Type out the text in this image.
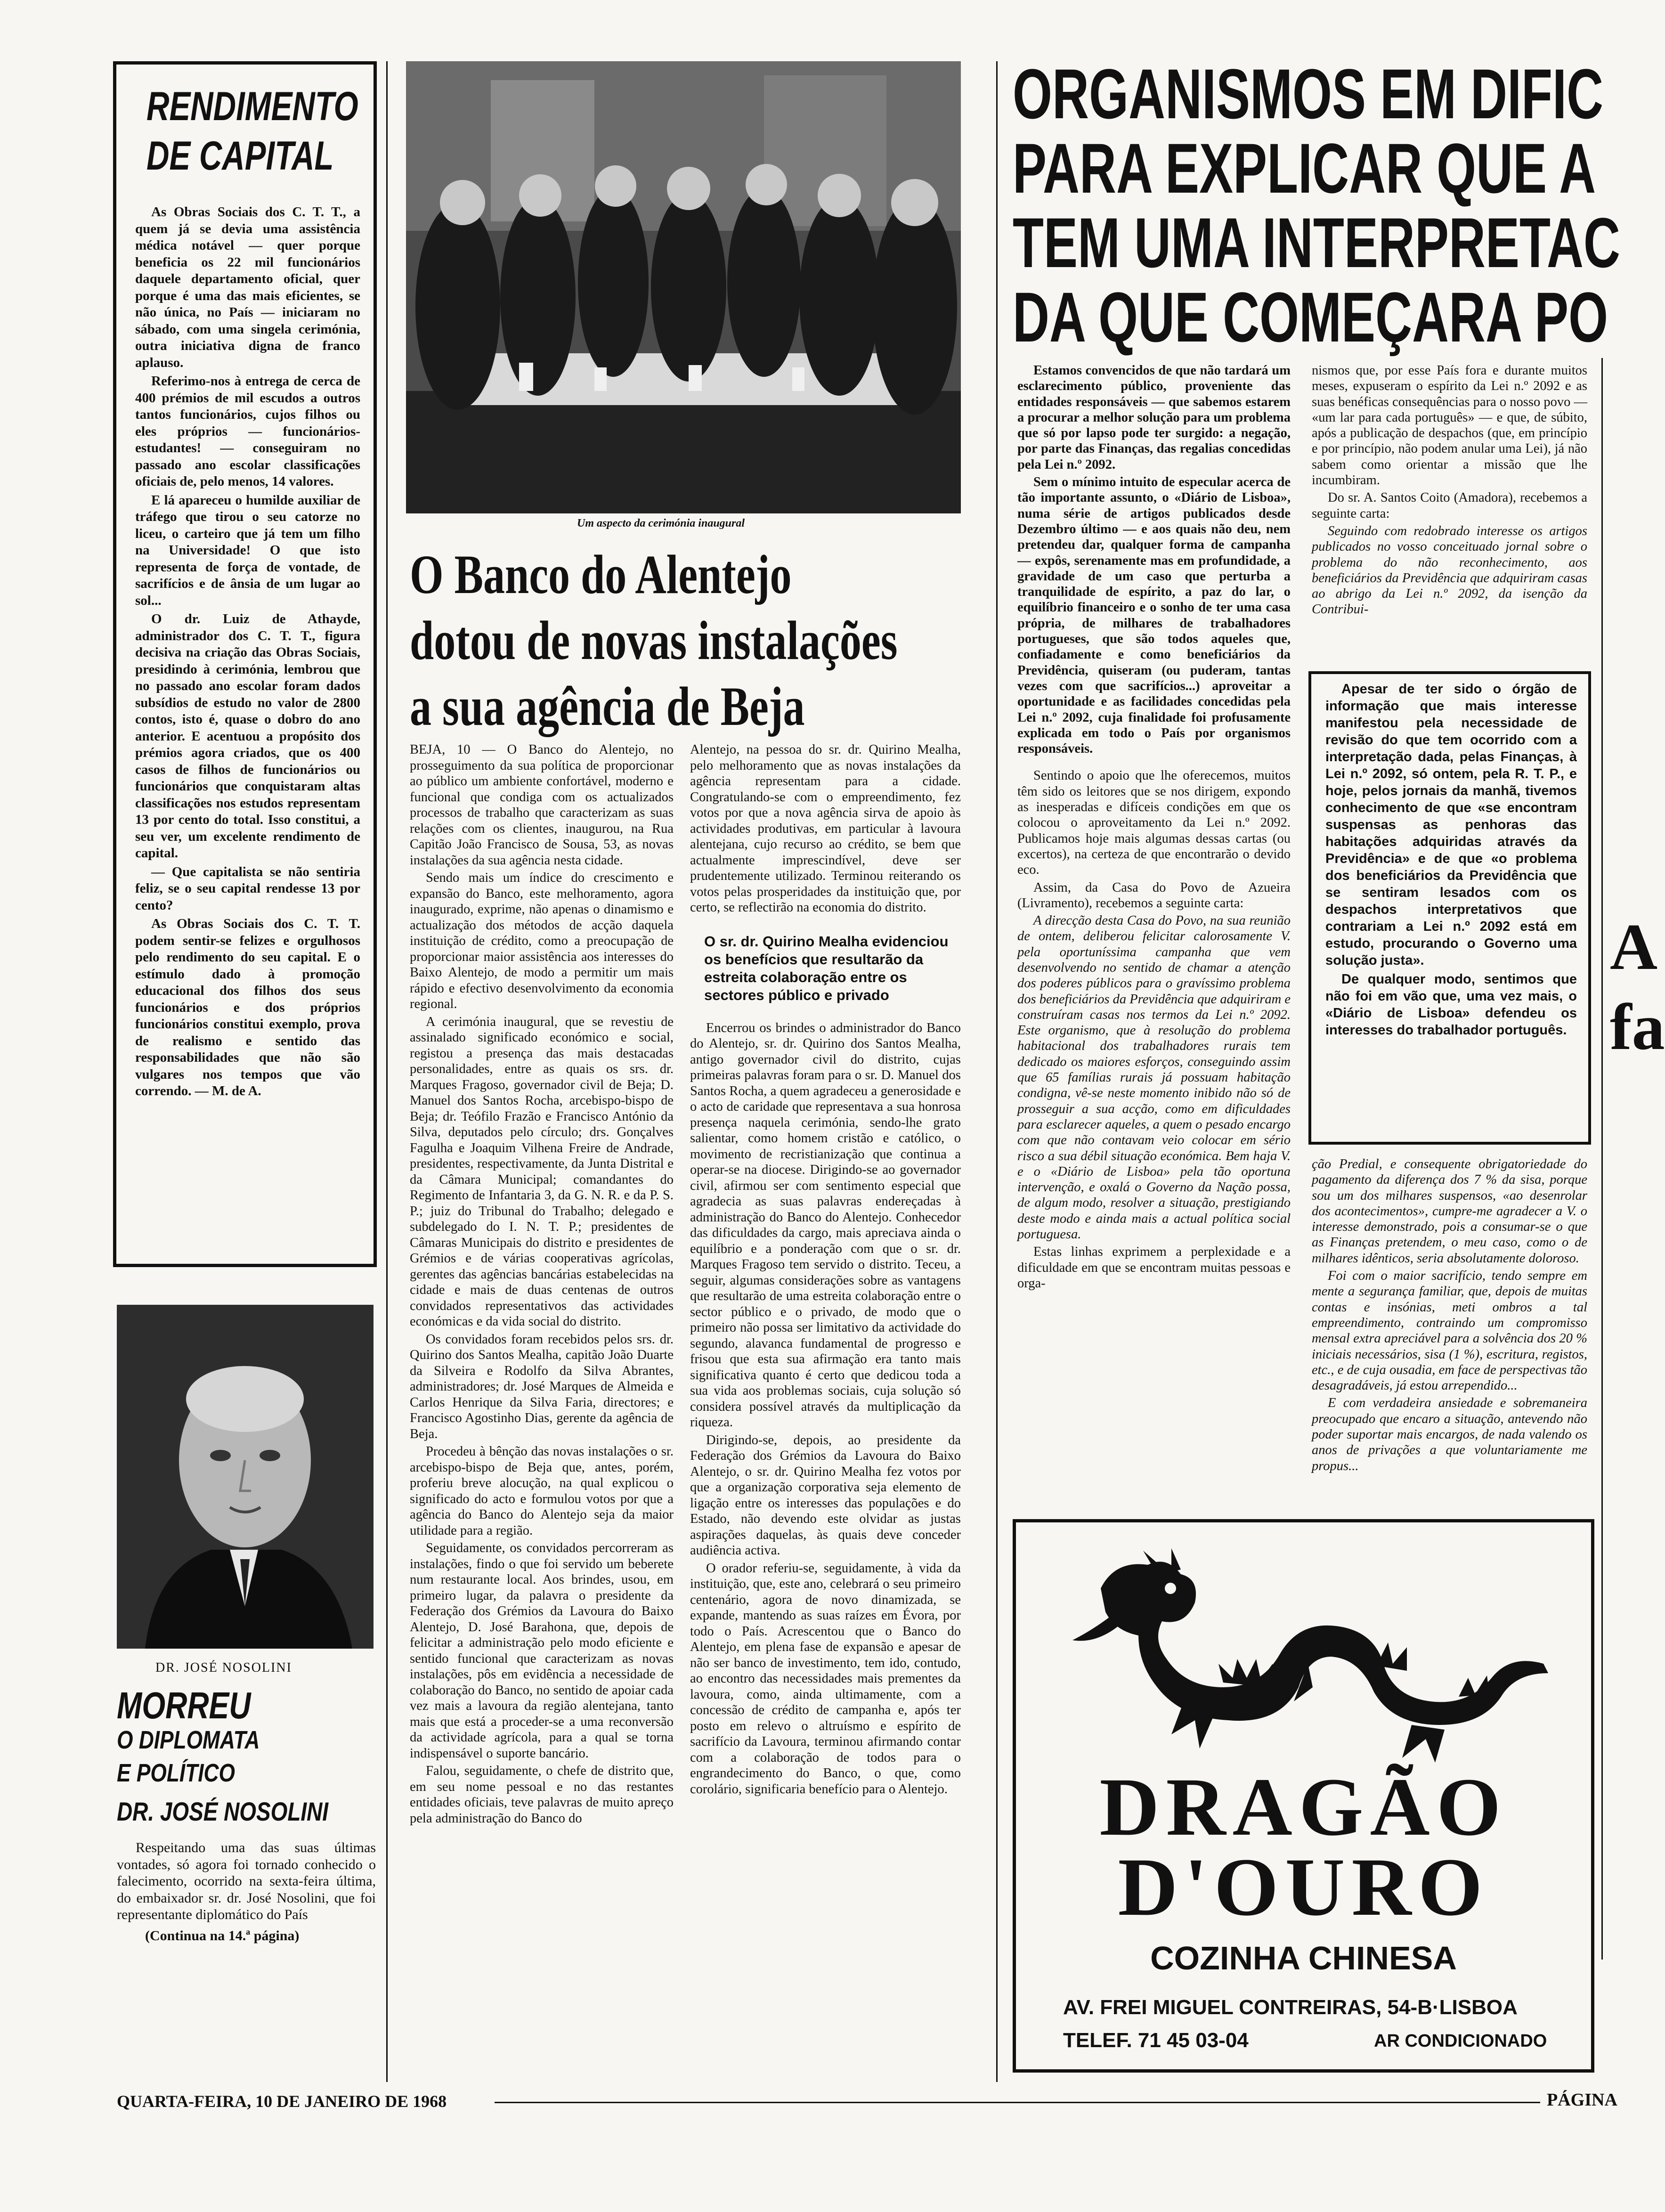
RENDIMENTO
DE CAPITAL

As Obras Sociais dos C. T. T., a quem já se devia uma assistência médica notável — quer porque beneficia os 22 mil funcionários daquele departamento oficial, quer porque é uma das mais eficientes, se não única, no País — iniciaram no sábado, com uma singela cerimónia, outra iniciativa digna de franco aplauso.

Referimo-nos à entrega de cerca de 400 prémios de mil escudos a outros tantos funcionários, cujos filhos ou eles próprios — funcionários-estudantes! — conseguiram no passado ano escolar classificações oficiais de, pelo menos, 14 valores.

E lá apareceu o humilde auxiliar de tráfego que tirou o seu catorze no liceu, o carteiro que já tem um filho na Universidade! O que isto representa de força de vontade, de sacrifícios e de ânsia de um lugar ao sol...

O dr. Luiz de Athayde, administrador dos C. T. T., figura decisiva na criação das Obras Sociais, presidindo à cerimónia, lembrou que no passado ano escolar foram dados subsídios de estudo no valor de 2800 contos, isto é, quase o dobro do ano anterior. E acentuou a propósito dos prémios agora criados, que os 400 casos de filhos de funcionários ou funcionários que conquistaram altas classificações nos estudos representam 13 por cento do total. Isso constitui, a seu ver, um excelente rendimento de capital.

— Que capitalista se não sentiria feliz, se o seu capital rendesse 13 por cento?

As Obras Sociais dos C. T. T. podem sentir-se felizes e orgulhosos pelo rendimento do seu capital. E o estímulo dado à promoção educacional dos filhos dos seus funcionários e dos próprios funcionários constitui exemplo, prova de realismo e sentido das responsabilidades que não são vulgares nos tempos que vão correndo. — M. de A.

DR. JOSÉ NOSOLINI
MORREU
O DIPLOMATA
E POLÍTICO
DR. JOSÉ NOSOLINI
Respeitando uma das suas últimas vontades, só agora foi tornado conhecido o falecimento, ocorrido na sexta-feira última, do embaixador sr. dr. José Nosolini, que foi representante diplomático do País
(Continua na 14.ª página)
Um aspecto da cerimónia inaugural
O Banco do Alentejo
dotou de novas instalações
a sua agência de Beja

BEJA, 10 — O Banco do Alentejo, no prosseguimento da sua política de proporcionar ao público um ambiente confortável, moderno e funcional que condiga com os actualizados processos de trabalho que caracterizam as suas relações com os clientes, inaugurou, na Rua Capitão João Francisco de Sousa, 53, as novas instalações da sua agência nesta cidade.

Sendo mais um índice do crescimento e expansão do Banco, este melhoramento, agora inaugurado, exprime, não apenas o dinamismo e actualização dos métodos de acção daquela instituição de crédito, como a preocupação de proporcionar maior assistência aos interesses do Baixo Alentejo, de modo a permitir um mais rápido e efectivo desenvolvimento da economia regional.

A cerimónia inaugural, que se revestiu de assinalado significado económico e social, registou a presença das mais destacadas personalidades, entre as quais os srs. dr. Marques Fragoso, governador civil de Beja; D. Manuel dos Santos Rocha, arcebispo-bispo de Beja; dr. Teófilo Frazão e Francisco António da Silva, deputados pelo círculo; drs. Gonçalves Fagulha e Joaquim Vilhena Freire de Andrade, presidentes, respectivamente, da Junta Distrital e da Câmara Municipal; comandantes do Regimento de Infantaria 3, da G. N. R. e da P. S. P.; juiz do Tribunal do Trabalho; delegado e subdelegado do I. N. T. P.; presidentes de Câmaras Municipais do distrito e presidentes de Grémios e de várias cooperativas agrícolas, gerentes das agências bancárias estabelecidas na cidade e mais de duas centenas de outros convidados representativos das actividades económicas e da vida social do distrito.

Os convidados foram recebidos pelos srs. dr. Quirino dos Santos Mealha, capitão João Duarte da Silveira e Rodolfo da Silva Abrantes, administradores; dr. José Marques de Almeida e Carlos Henrique da Silva Faria, directores; e Francisco Agostinho Dias, gerente da agência de Beja.

Procedeu à bênção das novas instalações o sr. arcebispo-bispo de Beja que, antes, porém, proferiu breve alocução, na qual explicou o significado do acto e formulou votos por que a agência do Banco do Alentejo seja da maior utilidade para a região.

Seguidamente, os convidados percorreram as instalações, findo o que foi servido um beberete num restaurante local. Aos brindes, usou, em primeiro lugar, da palavra o presidente da Federação dos Grémios da Lavoura do Baixo Alentejo, D. José Barahona, que, depois de felicitar a administração pelo modo eficiente e sentido funcional que caracterizam as novas instalações, pôs em evidência a necessidade de colaboração do Banco, no sentido de apoiar cada vez mais a lavoura da região alentejana, tanto mais que está a proceder-se a uma reconversão da actividade agrícola, para a qual se torna indispensável o suporte bancário.

Falou, seguidamente, o chefe de distrito que, em seu nome pessoal e no das restantes entidades oficiais, teve palavras de muito apreço pela administração do Banco do

Alentejo, na pessoa do sr. dr. Quirino Mealha, pelo melhoramento que as novas instalações da agência representam para a cidade. Congratulando-se com o empreendimento, fez votos por que a nova agência sirva de apoio às actividades produtivas, em particular à lavoura alentejana, cujo recurso ao crédito, se bem que actualmente imprescindível, deve ser prudentemente utilizado. Terminou reiterando os votos pelas prosperidades da instituição que, por certo, se reflectirão na economia do distrito.

O sr. dr. Quirino Mealha evidenciou os benefícios que resultarão da estreita colaboração entre os sectores público e privado

Encerrou os brindes o administrador do Banco do Alentejo, sr. dr. Quirino dos Santos Mealha, antigo governador civil do distrito, cujas primeiras palavras foram para o sr. D. Manuel dos Santos Rocha, a quem agradeceu a generosidade e o acto de caridade que representava a sua honrosa presença naquela cerimónia, sendo-lhe grato salientar, como homem cristão e católico, o movimento de recristianização que continua a operar-se na diocese. Dirigindo-se ao governador civil, afirmou ser com sentimento especial que agradecia as suas palavras endereçadas à administração do Banco do Alentejo. Conhecedor das dificuldades da cargo, mais apreciava ainda o equilíbrio e a ponderação com que o sr. dr. Marques Fragoso tem servido o distrito. Teceu, a seguir, algumas considerações sobre as vantagens que resultarão de uma estreita colaboração entre o sector público e o privado, de modo que o primeiro não possa ser limitativo da actividade do segundo, alavanca fundamental de progresso e frisou que esta sua afirmação era tanto mais significativa quanto é certo que dedicou toda a sua vida aos problemas sociais, cuja solução só considera possível através da multiplicação da riqueza.

Dirigindo-se, depois, ao presidente da Federação dos Grémios da Lavoura do Baixo Alentejo, o sr. dr. Quirino Mealha fez votos por que a organização corporativa seja elemento de ligação entre os interesses das populações e do Estado, não devendo este olvidar as justas aspirações daquelas, às quais deve conceder audiência activa.

O orador referiu-se, seguidamente, à vida da instituição, que, este ano, celebrará o seu primeiro centenário, agora de novo dinamizada, se expande, mantendo as suas raízes em Évora, por todo o País. Acrescentou que o Banco do Alentejo, em plena fase de expansão e apesar de não ser banco de investimento, tem ido, contudo, ao encontro das necessidades mais prementes da lavoura, como, ainda ultimamente, com a concessão de crédito de campanha e, após ter posto em relevo o altruísmo e espírito de sacrifício da Lavoura, terminou afirmando contar com a colaboração de todos para o engrandecimento do Banco, o que, como corolário, significaria benefício para o Alentejo.

ORGANISMOS EM DIFIC
PARA EXPLICAR QUE A
TEM UMA INTERPRETAC
DA QUE COMEÇARA PO

Estamos convencidos de que não tardará um esclarecimento público, proveniente das entidades responsáveis — que sabemos estarem a procurar a melhor solução para um problema que só por lapso pode ter surgido: a negação, por parte das Finanças, das regalias concedidas pela Lei n.º 2092.

Sem o mínimo intuito de especular acerca de tão importante assunto, o «Diário de Lisboa», numa série de artigos publicados desde Dezembro último — e aos quais não deu, nem pretendeu dar, qualquer forma de campanha — expôs, serenamente mas em profundidade, a gravidade de um caso que perturba a tranquilidade de espírito, a paz do lar, o equilíbrio financeiro e o sonho de ter uma casa própria, de milhares de trabalhadores portugueses, que são todos aqueles que, confiadamente e como beneficiários da Previdência, quiseram (ou puderam, tantas vezes com que sacrifícios...) aproveitar a oportunidade e as facilidades concedidas pela Lei n.º 2092, cuja finalidade foi profusamente explicada em todo o País por organismos responsáveis.

Sentindo o apoio que lhe oferecemos, muitos têm sido os leitores que se nos dirigem, expondo as inesperadas e difíceis condições em que os colocou o aproveitamento da Lei n.º 2092. Publicamos hoje mais algumas dessas cartas (ou excertos), na certeza de que encontrarão o devido eco.

Assim, da Casa do Povo de Azueira (Livramento), recebemos a seguinte carta:

A direcção desta Casa do Povo, na sua reunião de ontem, deliberou felicitar calorosamente V. pela oportuníssima campanha que vem desenvolvendo no sentido de chamar a atenção dos poderes públicos para o gravíssimo problema dos beneficiários da Previdência que adquiriram e construíram casas nos termos da Lei n.º 2092. Este organismo, que à resolução do problema habitacional dos trabalhadores rurais tem dedicado os maiores esforços, conseguindo assim que 65 famílias rurais já possuam habitação condigna, vê-se neste momento inibido não só de prosseguir a sua acção, como em dificuldades para esclarecer aqueles, a quem o pesado encargo com que não contavam veio colocar em sério risco a sua débil situação económica. Bem haja V. e o «Diário de Lisboa» pela tão oportuna intervenção, e oxalá o Governo da Nação possa, de algum modo, resolver a situação, prestigiando deste modo e ainda mais a actual política social portuguesa.

Estas linhas exprimem a perplexidade e a dificuldade em que se encontram muitas pessoas e orga-

nismos que, por esse País fora e durante muitos meses, expuseram o espírito da Lei n.º 2092 e as suas benéficas consequências para o nosso povo — «um lar para cada português» — e que, de súbito, após a publicação de despachos (que, em princípio e por princípio, não podem anular uma Lei), já não sabem como orientar a missão que lhe incumbiram.

Do sr. A. Santos Coito (Amadora), recebemos a seguinte carta:

Seguindo com redobrado interesse os artigos publicados no vosso conceituado jornal sobre o problema do não reconhecimento, aos beneficiários da Previdência que adquiriram casas ao abrigo da Lei n.º 2092, da isenção da Contribui-

Apesar de ter sido o órgão de informação que mais interesse manifestou pela necessidade de revisão do que tem ocorrido com a interpretação dada, pelas Finanças, à Lei n.º 2092, só ontem, pela R. T. P., e hoje, pelos jornais da manhã, tivemos conhecimento de que «se encontram suspensas as penhoras das habitações adquiridas através da Previdência» e de que «o problema dos beneficiários da Previdência que se sentiram lesados com os despachos interpretativos que contrariam a Lei n.º 2092 está em estudo, procurando o Governo uma solução justa».

De qualquer modo, sentimos que não foi em vão que, uma vez mais, o «Diário de Lisboa» defendeu os interesses do trabalhador português.

ção Predial, e consequente obrigatoriedade do pagamento da diferença dos 7 % da sisa, porque sou um dos milhares suspensos, «ao desenrolar dos acontecimentos», cumpre-me agradecer a V. o interesse demonstrado, pois a consumar-se o que as Finanças pretendem, o meu caso, como o de milhares idênticos, seria absolutamente doloroso.

Foi com o maior sacrifício, tendo sempre em mente a segurança familiar, que, depois de muitas contas e insónias, meti ombros a tal empreendimento, contraindo um compromisso mensal extra apreciável para a solvência dos 20 % iniciais necessários, sisa (1 %), escritura, registos, etc., e de cuja ousadia, em face de perspectivas tão desagradáveis, já estou arrependido...

E com verdadeira ansiedade e sobremaneira preocupado que encaro a situação, antevendo não poder suportar mais encargos, de nada valendo os anos de privações a que voluntariamente me propus...

A
fa
DRAGÃO
D'OURO
COZINHA CHINESA
AV. FREI MIGUEL CONTREIRAS, 54-B·LISBOA
TELEF. 71 45 03-04	AR CONDICIONADO
QUARTA-FEIRA, 10 DE JANEIRO DE 1968	PÁGINA
